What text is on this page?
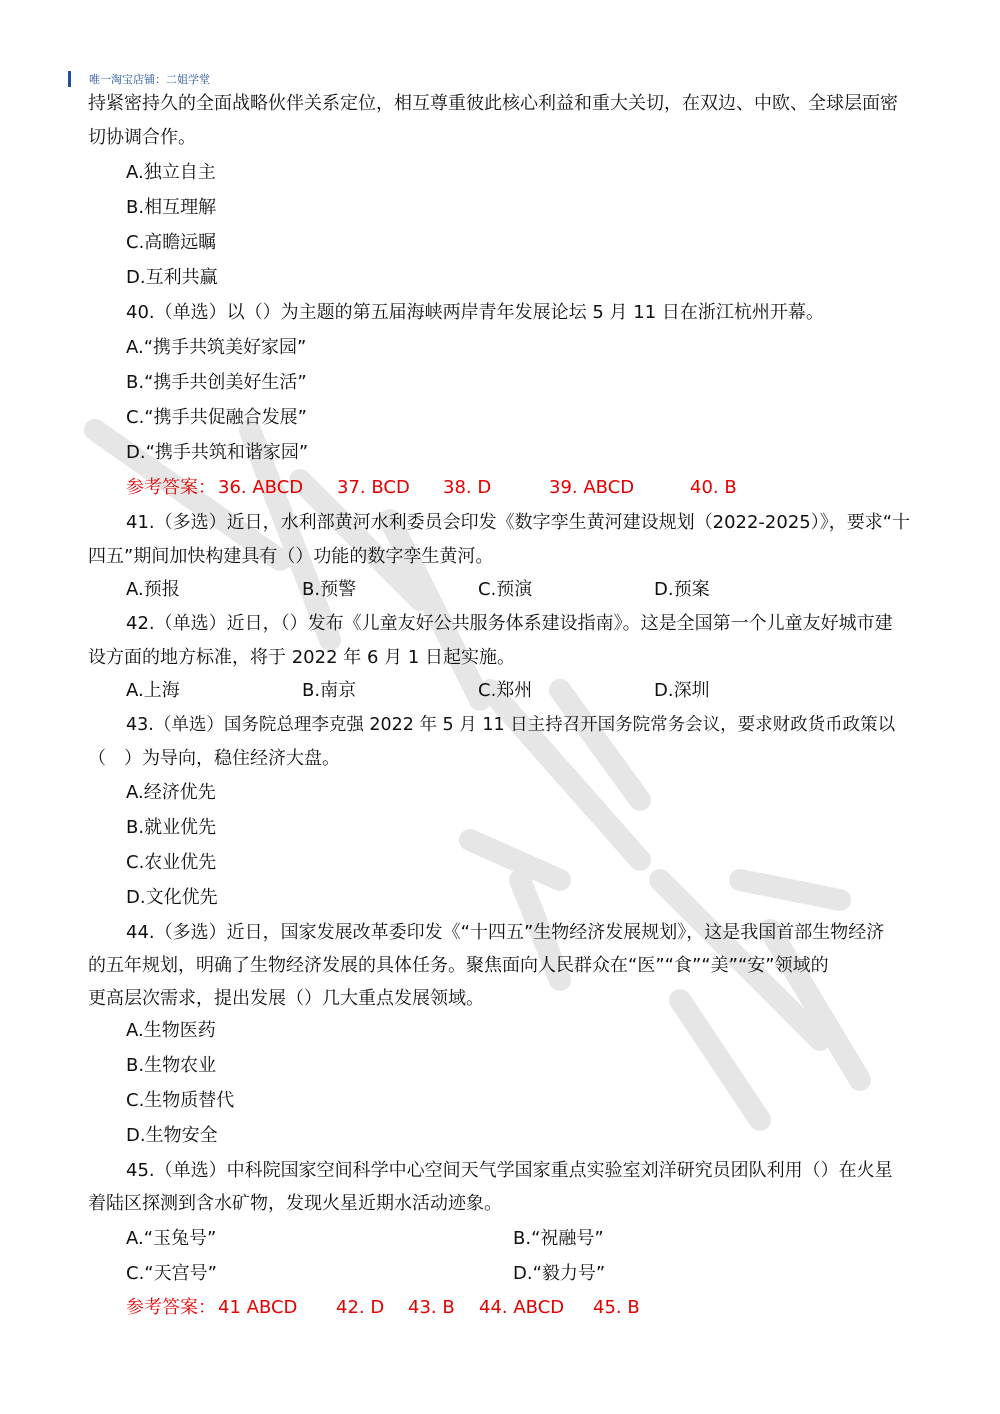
唯一淘宝店铺：二姐学堂
持紧密持久的全面战略伙伴关系定位，相互尊重彼此核心利益和重大关切，在双边、中欧、全球层面密
切协调合作。
A.独立自主
B.相互理解
C.高瞻远瞩
D.互利共赢
40.（单选）以（）为主题的第五届海峡两岸青年发展论坛 5 月 11 日在浙江杭州开幕。
A.“携手共筑美好家园”
B.“携手共创美好生活”
C.“携手共促融合发展”
D.“携手共筑和谐家园”
参考答案： 36. ABCD 37. BCD 38. D	39. ABCD	40. B
41.（多选）近日，水利部黄河水利委员会印发《数字孪生黄河建设规划（2022-2025）》，要求“十
四五”期间加快构建具有（）功能的数字孪生黄河。
A.预报	B.预警	C.预演	D.预案
42.（单选）近日，（）发布《儿童友好公共服务体系建设指南》。这是全国第一个儿童友好城市建
设方面的地方标准，将于 2022 年 6 月 1 日起实施。
A.上海	B.南京	C.郑州	D.深圳
43.（单选）国务院总理李克强 2022 年 5 月 11 日主持召开国务院常务会议，要求财政货币政策以
（　）为导向，稳住经济大盘。
A.经济优先
B.就业优先
C.农业优先
D.文化优先
44.（多选）近日，国家发展改革委印发《“十四五”生物经济发展规划》，这是我国首部生物经济
的五年规划，明确了生物经济发展的具体任务。聚焦面向人民群众在“医”“食”“美”“安”领域的
更高层次需求，提出发展（）几大重点发展领域。
A.生物医药
B.生物农业
C.生物质替代
D.生物安全
45.（单选）中科院国家空间科学中心空间天气学国家重点实验室刘洋研究员团队利用（）在火星
着陆区探测到含水矿物，发现火星近期水活动迹象。
A.“玉兔号”	B.“祝融号”
C.“天宫号”	D.“毅力号”
参考答案： 41 ABCD 42. D 43. B 44. ABCD 45. B
